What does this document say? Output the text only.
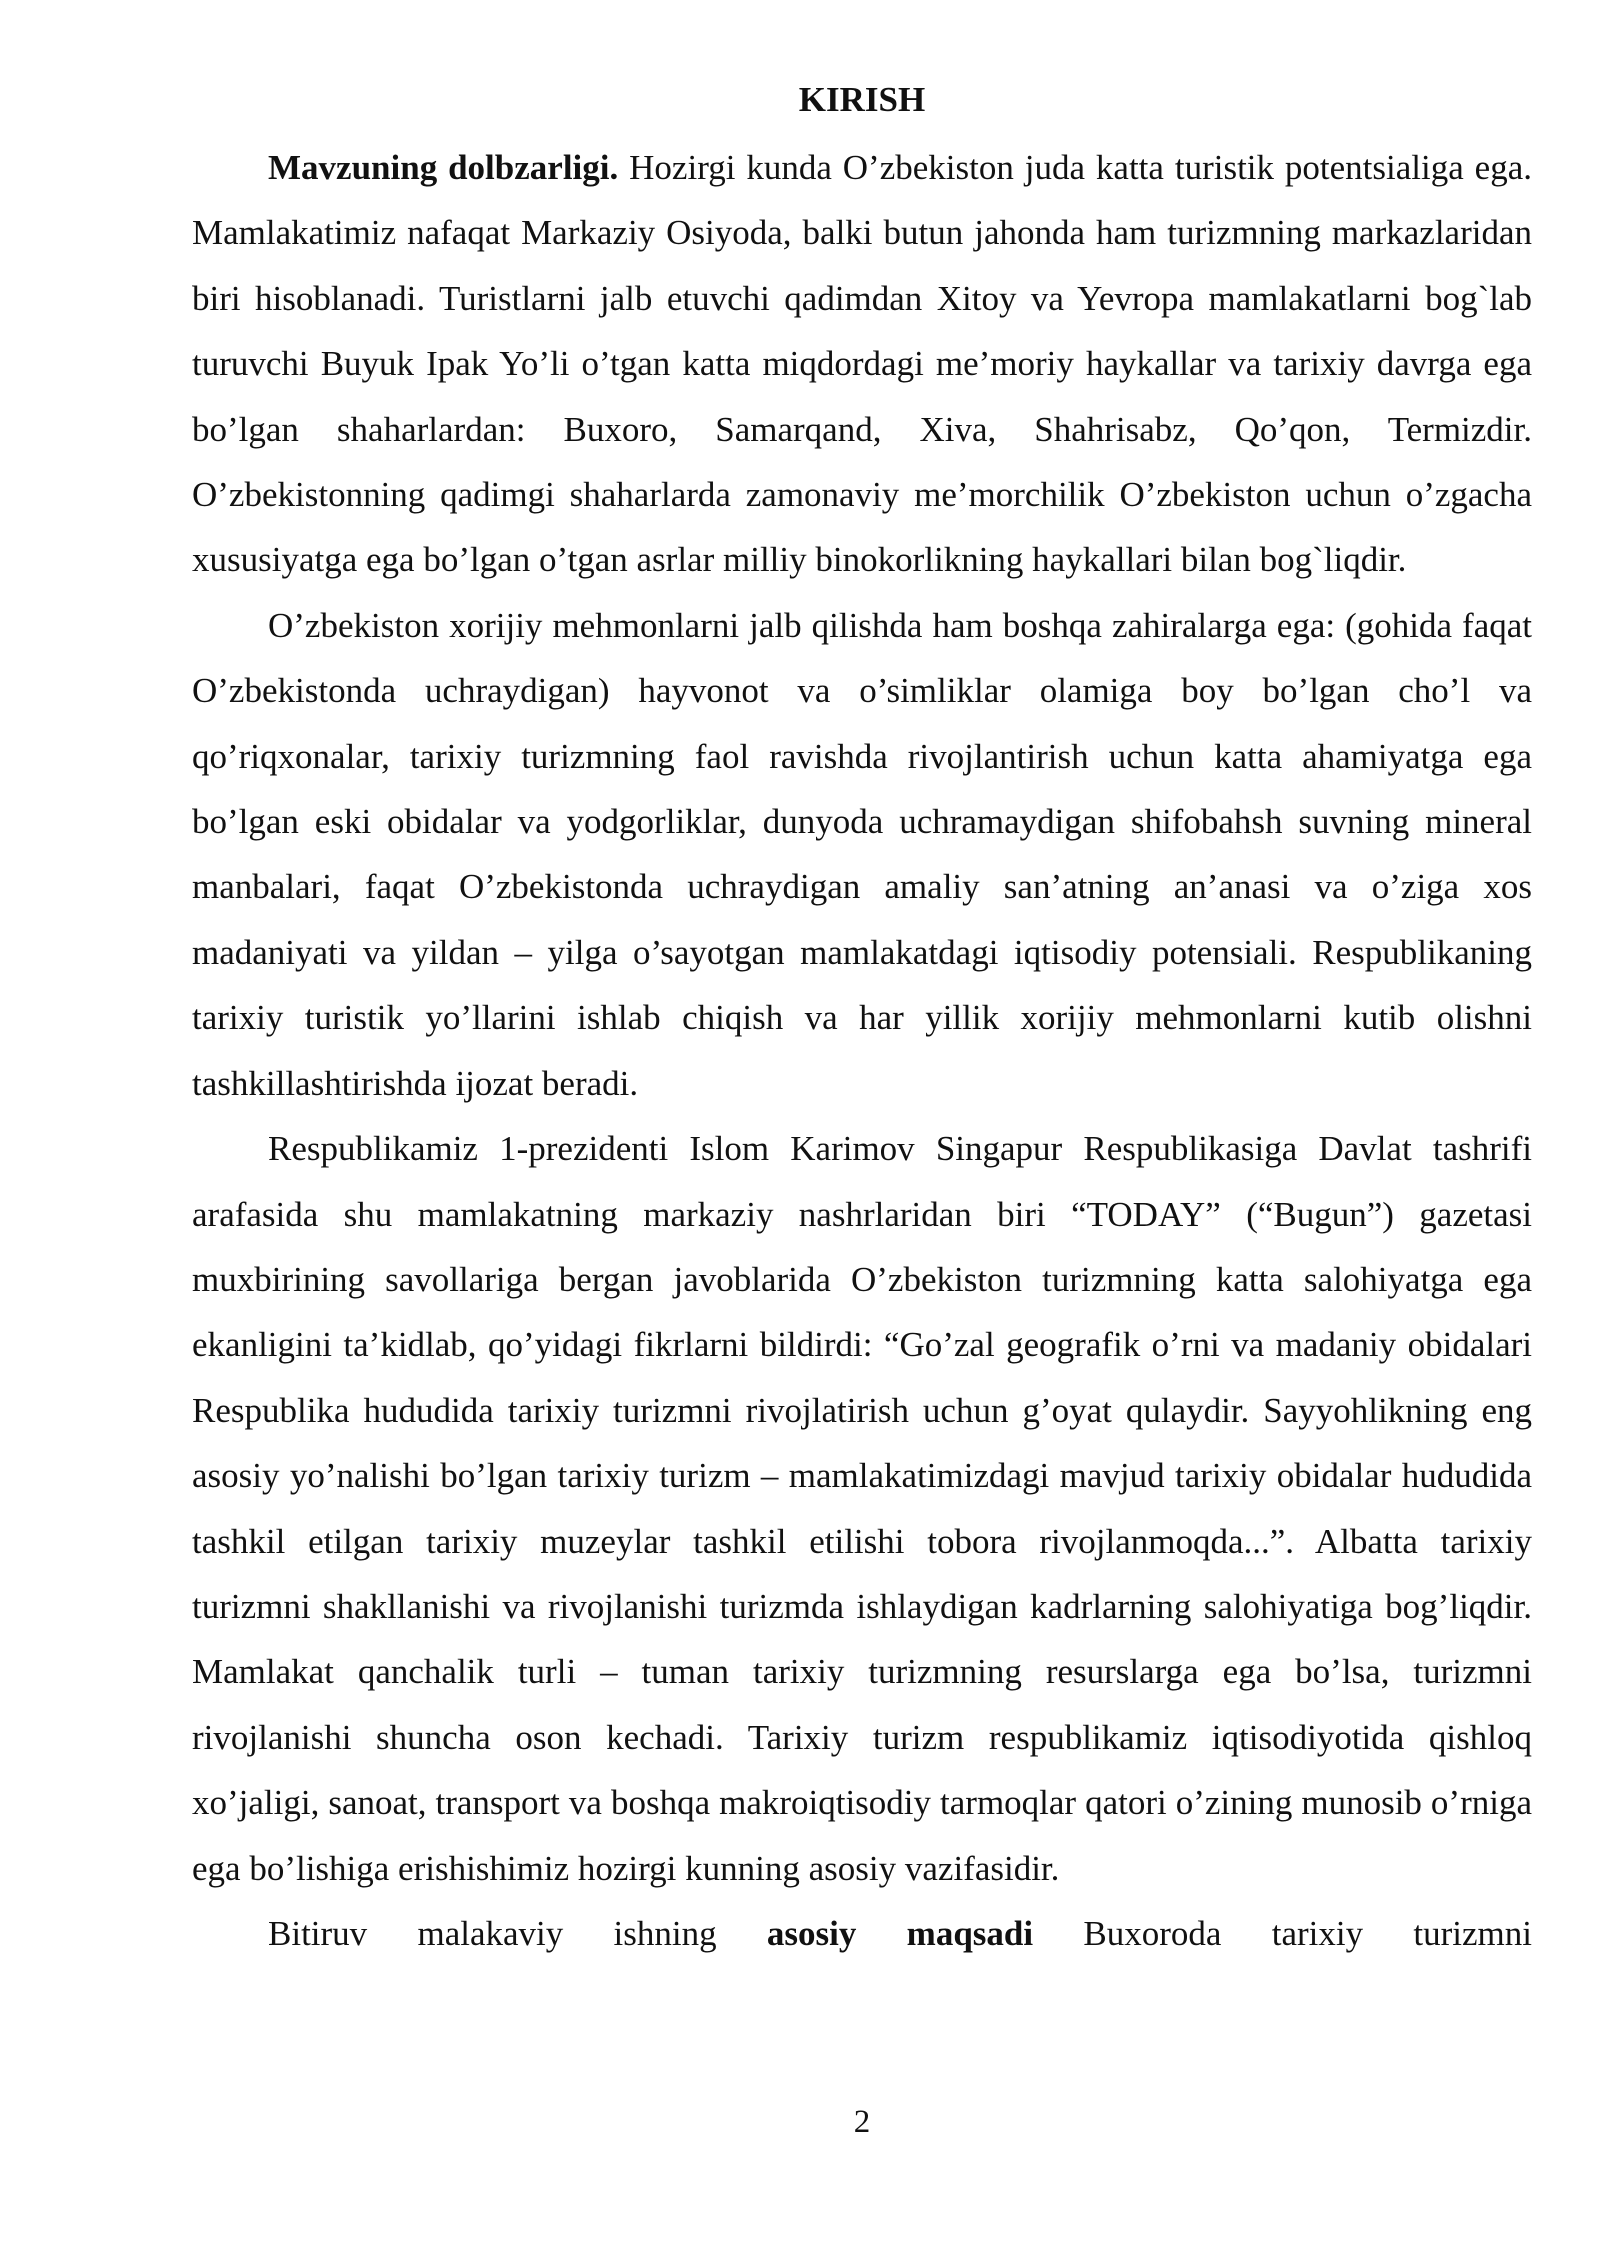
KIRISH

Mavzuning dolbzarligi. Hozirgi kunda O’zbekiston juda katta turistik potentsialiga ega. Mamlakatimiz nafaqat Markaziy Osiyoda, balki butun jahonda ham turizmning markazlaridan biri hisoblanadi. Turistlarni jalb etuvchi qadimdan Xitoy va Yevropa mamlakatlarni bog`lab turuvchi Buyuk Ipak Yo’li o’tgan katta miqdordagi me’moriy haykallar va tarixiy davrga ega bo’lgan shaharlardan: Buxoro, Samarqand, Xiva, Shahrisabz, Qo’qon, Termizdir. O’zbekistonning qadimgi shaharlarda zamonaviy me’morchilik O’zbekiston uchun o’zgacha xususiyatga ega bo’lgan o’tgan asrlar milliy binokorlikning haykallari bilan bog`liqdir.

O’zbekiston xorijiy mehmonlarni jalb qilishda ham boshqa zahiralarga ega: (gohida faqat O’zbekistonda uchraydigan) hayvonot va o’simliklar olamiga boy bo’lgan cho’l va qo’riqxonalar, tarixiy turizmning faol ravishda rivojlantirish uchun katta ahamiyatga ega bo’lgan eski obidalar va yodgorliklar, dunyoda uchramaydigan shifobahsh suvning mineral manbalari, faqat O’zbekistonda uchraydigan amaliy san’atning an’anasi va o’ziga xos madaniyati va yildan – yilga o’sayotgan mamlakatdagi iqtisodiy potensiali. Respublikaning tarixiy turistik yo’llarini ishlab chiqish va har yillik xorijiy mehmonlarni kutib olishni tashkillashtirishda ijozat beradi.

Respublikamiz 1-prezidenti Islom Karimov Singapur Respublikasiga Davlat tashrifi arafasida shu mamlakatning markaziy nashrlaridan biri “TODAY” (“Bugun”) gazetasi muxbirining savollariga bergan javoblarida O’zbekiston turizmning katta salohiyatga ega ekanligini ta’kidlab, qo’yidagi fikrlarni bildirdi: “Go’zal geografik o’rni va madaniy obidalari Respublika hududida tarixiy turizmni rivojlatirish uchun g’oyat qulaydir. Sayyohlikning eng asosiy yo’nalishi bo’lgan tarixiy turizm – mamlakatimizdagi mavjud tarixiy obidalar hududida tashkil etilgan tarixiy muzeylar tashkil etilishi tobora rivojlanmoqda...”. Albatta tarixiy turizmni shakllanishi va rivojlanishi turizmda ishlaydigan kadrlarning salohiyatiga bog’liqdir. Mamlakat qanchalik turli – tuman tarixiy turizmning resurslarga ega bo’lsa, turizmni rivojlanishi shuncha oson kechadi. Tarixiy turizm respublikamiz iqtisodiyotida qishloq xo’jaligi, sanoat, transport va boshqa makroiqtisodiy tarmoqlar qatori o’zining munosib o’rniga ega bo’lishiga erishishimiz hozirgi kunning asosiy vazifasidir.

Bitiruv malakaviy ishning asosiy maqsadi Buxoroda tarixiy turizmni

2
